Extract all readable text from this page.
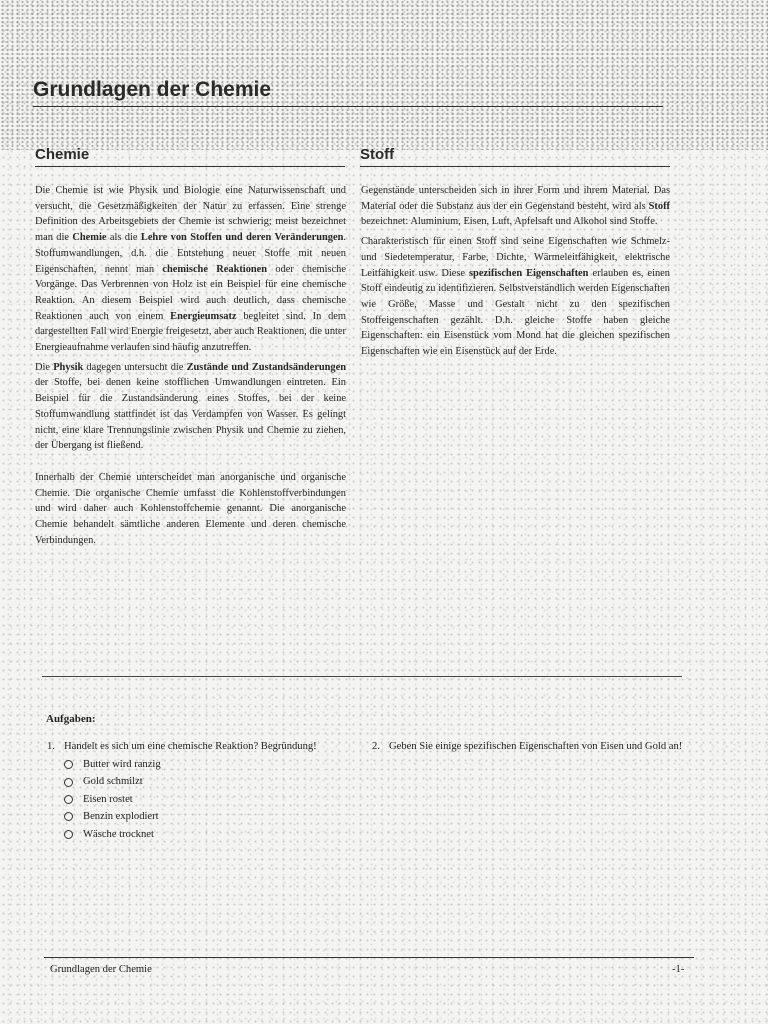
Grundlagen der Chemie
Chemie

Die Chemie ist wie Physik und Biologie eine Naturwissenschaft und versucht, die Gesetzmäßigkeiten der Natur zu erfassen. Eine strenge Definition des Arbeitsgebiets der Chemie ist schwierig; meist bezeichnet man die Chemie als die Lehre von Stoffen und deren Veränderungen. Stoffumwandlungen, d.h. die Entstehung neuer Stoffe mit neuen Eigenschaften, nennt man chemische Reaktionen oder chemische Vorgänge. Das Verbrennen von Holz ist ein Beispiel für eine chemische Reaktion. An diesem Beispiel wird auch deutlich, dass chemische Reaktionen auch von einem Energieumsatz begleitet sind. In dem dargestellten Fall wird Energie freigesetzt, aber auch Reaktionen, die unter Energieaufnahme verlaufen sind häufig anzutreffen.

Die Physik dagegen untersucht die Zustände und Zustandsänderungen der Stoffe, bei denen keine stofflichen Umwandlungen eintreten. Ein Beispiel für die Zustandsänderung eines Stoffes, bei der keine Stoffumwandlung stattfindet ist das Verdampfen von Wasser. Es gelingt nicht, eine klare Trennungslinie zwischen Physik und Chemie zu ziehen, der Übergang ist fließend.

Innerhalb der Chemie unterscheidet man anorganische und organische Chemie. Die organische Chemie umfasst die Kohlenstoffverbindungen und wird daher auch Kohlenstoffchemie genannt. Die anorganische Chemie behandelt sämtliche anderen Elemente und deren chemische Verbindungen.

Stoff

Gegenstände unterscheiden sich in ihrer Form und ihrem Material. Das Material oder die Substanz aus der ein Gegenstand besteht, wird als Stoff bezeichnet: Aluminium, Eisen, Luft, Apfelsaft und Alkohol sind Stoffe.

Charakteristisch für einen Stoff sind seine Eigenschaften wie Schmelz- und Siedetemperatur, Farbe, Dichte, Wärmeleitfähigkeit, elektrische Leitfähigkeit usw. Diese spezifischen Eigenschaften erlauben es, einen Stoff eindeutig zu identifizieren. Selbstverständlich werden Eigenschaften wie Größe, Masse und Gestalt nicht zu den spezifischen Stoffeigenschaften gezählt. D.h. gleiche Stoffe haben gleiche Eigenschaften: ein Eisenstück vom Mond hat die gleichen spezifischen Eigenschaften wie ein Eisenstück auf der Erde.

Aufgaben:
1. Handelt es sich um eine chemische Reaktion? Begründung!
Butter wird ranzig
Gold schmilzt
Eisen rostet
Benzin explodiert
Wäsche trocknet
2. Geben Sie einige spezifischen Eigenschaften von Eisen und Gold an!
Grundlagen der Chemie	-1-
